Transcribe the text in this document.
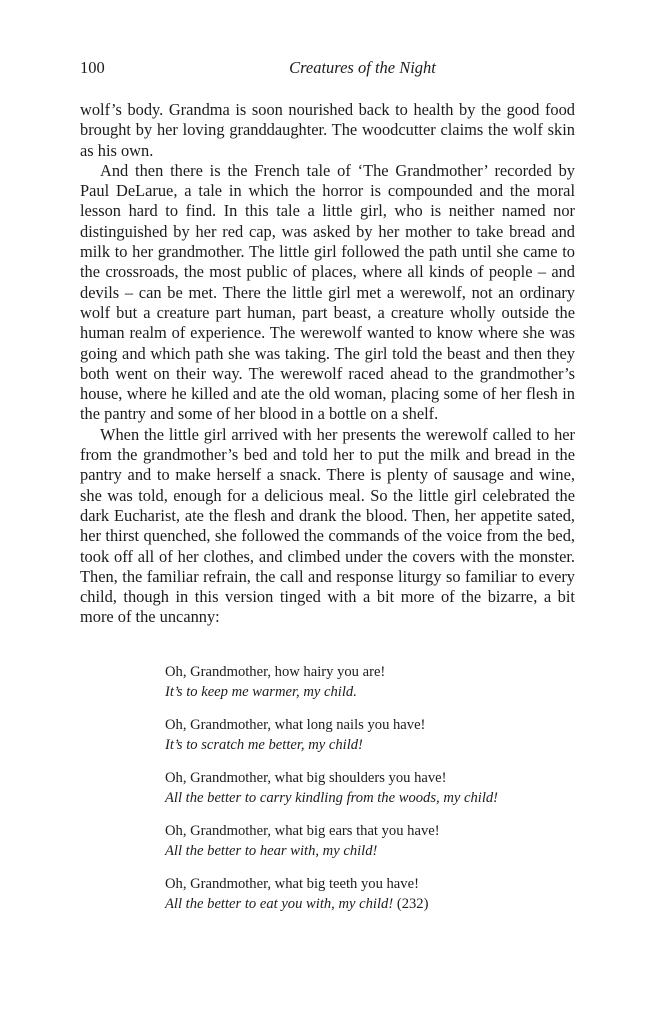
100	Creatures of the Night

wolf’s body. Grandma is soon nourished back to health by the good food brought by her loving granddaughter. The woodcutter claims the wolf skin as his own.

And then there is the French tale of ‘The Grandmother’ recorded by Paul DeLarue, a tale in which the horror is compounded and the moral lesson hard to find. In this tale a little girl, who is neither named nor distinguished by her red cap, was asked by her mother to take bread and milk to her grandmother. The little girl followed the path until she came to the crossroads, the most public of places, where all kinds of people – and devils – can be met. There the little girl met a werewolf, not an ordinary wolf but a creature part human, part beast, a creature wholly outside the human realm of experience. The werewolf wanted to know where she was going and which path she was taking. The girl told the beast and then they both went on their way. The werewolf raced ahead to the grandmother’s house, where he killed and ate the old woman, placing some of her flesh in the pantry and some of her blood in a bottle on a shelf.

When the little girl arrived with her presents the werewolf called to her from the grandmother’s bed and told her to put the milk and bread in the pantry and to make herself a snack. There is plenty of sausage and wine, she was told, enough for a delicious meal. So the little girl celebrated the dark Eucharist, ate the flesh and drank the blood. Then, her appetite sated, her thirst quenched, she followed the commands of the voice from the bed, took off all of her clothes, and climbed under the covers with the monster. Then, the familiar refrain, the call and response liturgy so familiar to every child, though in this version tinged with a bit more of the bizarre, a bit more of the uncanny:

Oh, Grandmother, how hairy you are!
It’s to keep me warmer, my child.
Oh, Grandmother, what long nails you have!
It’s to scratch me better, my child!
Oh, Grandmother, what big shoulders you have!
All the better to carry kindling from the woods, my child!
Oh, Grandmother, what big ears that you have!
All the better to hear with, my child!
Oh, Grandmother, what big teeth you have!
All the better to eat you with, my child! (232)
